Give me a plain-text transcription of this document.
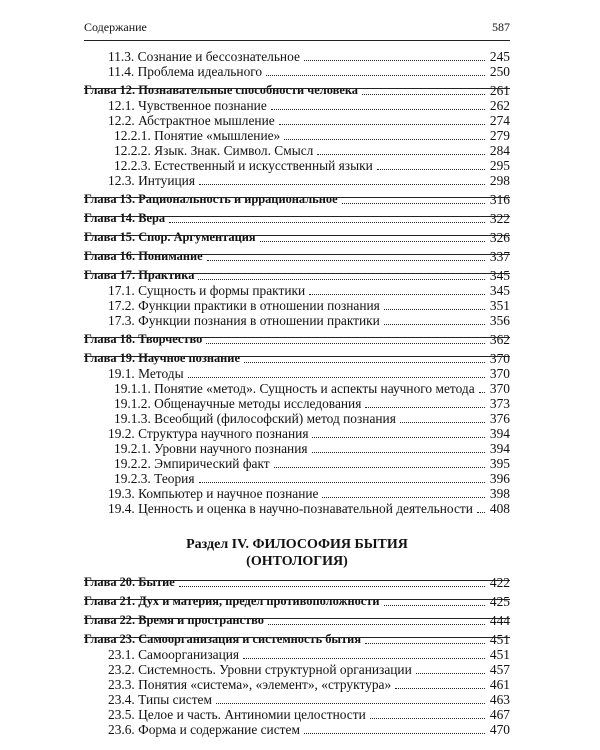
Содержание	587
11.3. Сознание и бессознательное	245
11.4. Проблема идеального	250
Глава 12. Познавательные способности человека	261
12.1. Чувственное познание	262
12.2. Абстрактное мышление	274
12.2.1. Понятие «мышление»	279
12.2.2. Язык. Знак. Символ. Смысл	284
12.2.3. Естественный и искусственный языки	295
12.3. Интуиция	298
Глава 13. Рациональность и иррациональное	316
Глава 14. Вера	322
Глава 15. Спор. Аргументация	326
Глава 16. Понимание	337
Глава 17. Практика	345
17.1. Сущность и формы практики	345
17.2. Функции практики в отношении познания	351
17.3. Функции познания в отношении практики	356
Глава 18. Творчество	362
Глава 19. Научное познание	370
19.1. Методы	370
19.1.1. Понятие «метод». Сущность и аспекты научного метода 370
19.1.2. Общенаучные методы исследования	373
19.1.3. Всеобщий (философский) метод познания	376
19.2. Структура научного познания	394
19.2.1. Уровни научного познания	394
19.2.2. Эмпирический факт	395
19.2.3. Теория	396
19.3. Компьютер и научное познание	398
19.4. Ценность и оценка в научно-познавательной деятельности 408
Глава 20. Бытие	422
Глава 21. Дух и материя, предел противоположности	425
Глава 22. Время и пространство	444
Глава 23. Самоорганизация и системность бытия	451
23.1. Самоорганизация	451
23.2. Системность. Уровни структурной организации	457
23.3. Понятия «система», «элемент», «структура»	461
23.4. Типы систем	463
23.5. Целое и часть. Антиномии целостности	467
23.6. Форма и содержание систем	470
Раздел IV. ФИЛОСОФИЯ БЫТИЯ
(ОНТОЛОГИЯ)
